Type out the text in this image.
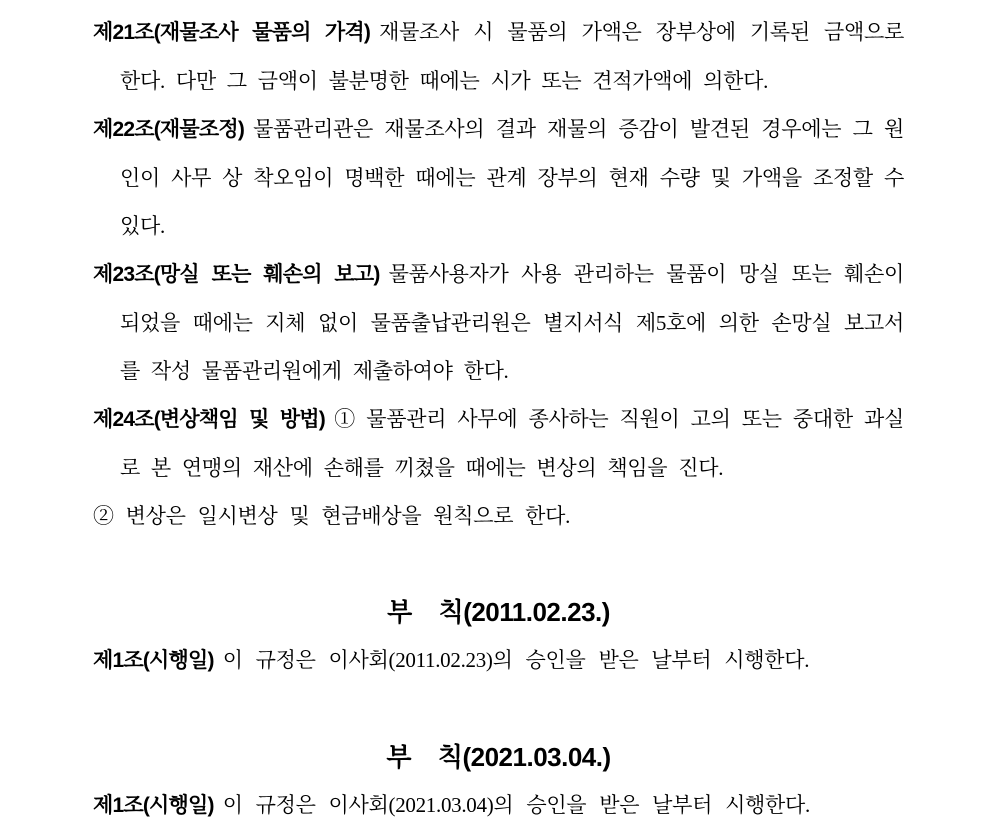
제21조(재물조사 물품의 가격) 재물조사 시 물품의 가액은 장부상에 기록된 금액으로 한다. 다만 그 금액이 불분명한 때에는 시가 또는 견적가액에 의한다.

제22조(재물조정) 물품관리관은 재물조사의 결과 재물의 증감이 발견된 경우에는 그 원인이 사무 상 착오임이 명백한 때에는 관계 장부의 현재 수량 및 가액을 조정할 수 있다.

제23조(망실 또는 훼손의 보고) 물품사용자가 사용 관리하는 물품이 망실 또는 훼손이 되었을 때에는 지체 없이 물품출납관리원은 별지서식 제5호에 의한 손망실 보고서를 작성 물품관리원에게 제출하여야 한다.

제24조(변상책임 및 방법) ① 물품관리 사무에 종사하는 직원이 고의 또는 중대한 과실로 본 연맹의 재산에 손해를 끼쳤을 때에는 변상의 책임을 진다.

② 변상은 일시변상 및 현금배상을 원칙으로 한다.

부    칙(2011.02.23.)

제1조(시행일) 이 규정은 이사회(2011.02.23)의 승인을 받은 날부터 시행한다.

부    칙(2021.03.04.)

제1조(시행일) 이 규정은 이사회(2021.03.04)의 승인을 받은 날부터 시행한다.
